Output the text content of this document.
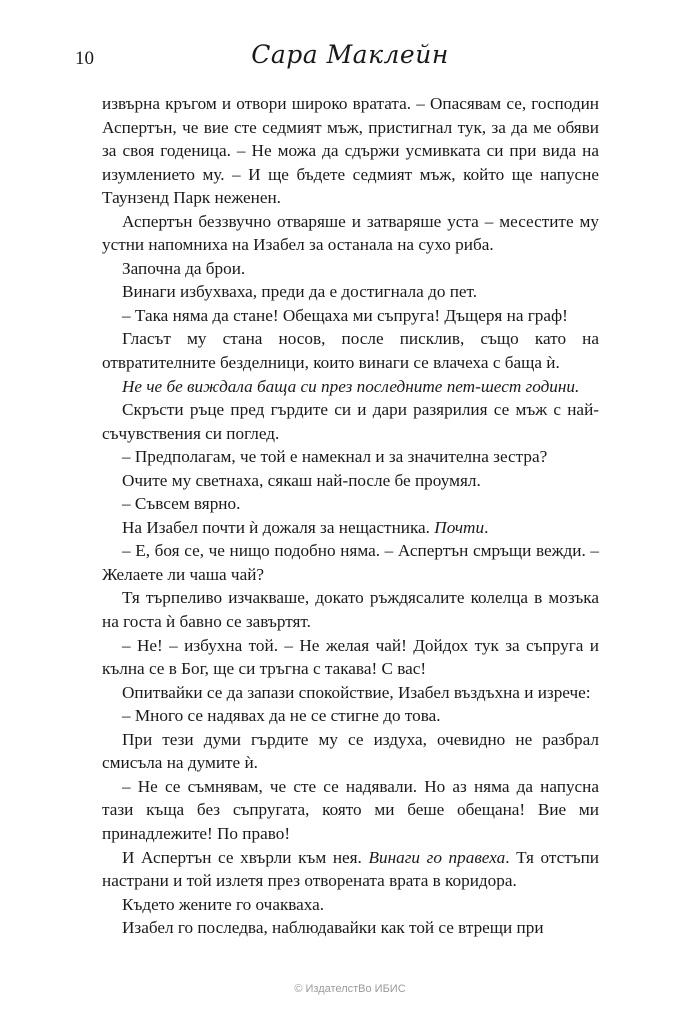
10	Сара Маклейн

извърна кръгом и отвори широко вратата. – Опасявам се, господин Аспертън, че вие сте седмият мъж, пристигнал тук, за да ме обяви за своя годеница. – Не можа да сдържи усмивката си при вида на изумлението му. – И ще бъдете седмият мъж, който ще напусне Таунзенд Парк неженен.

Аспертън беззвучно отваряше и затваряше уста – месестите му устни напомниха на Изабел за останала на сухо риба.

Започна да брои.

Винаги избухваха, преди да е достигнала до пет.

– Така няма да стане! Обещаха ми съпруга! Дъщеря на граф!

Гласът му стана носов, после писклив, също като на отвратителните безделници, които винаги се влачеха с баща ѝ.

Не че бе виждала баща си през последните пет-шест години.

Скръсти ръце пред гърдите си и дари разярилия се мъж с най-съчувствения си поглед.

– Предполагам, че той е намекнал и за значителна зестра?

Очите му светнаха, сякаш най-после бе проумял.

– Съвсем вярно.

На Изабел почти ѝ дожаля за нещастника. Почти.

– Е, боя се, че нищо подобно няма. – Аспертън смръщи вежди. – Желаете ли чаша чай?

Тя търпеливо изчакваше, докато ръждясалите колелца в мозъка на госта ѝ бавно се завъртят.

– Не! – избухна той. – Не желая чай! Дойдох тук за съпруга и кълна се в Бог, ще си тръгна с такава! С вас!

Опитвайки се да запази спокойствие, Изабел въздъхна и изрече:

– Много се надявах да не се стигне до това.

При тези думи гърдите му се издуха, очевидно не разбрал смисъла на думите ѝ.

– Не се съмнявам, че сте се надявали. Но аз няма да напусна тази къща без съпругата, която ми беше обещана! Вие ми принадлежите! По право!

И Аспертън се хвърли към нея. Винаги го правеха. Тя отстъпи настрани и той излетя през отворената врата в коридора.

Където жените го очакваха.

Изабел го последва, наблюдавайки как той се втрещи при

© ИздателстВо ИБИС
